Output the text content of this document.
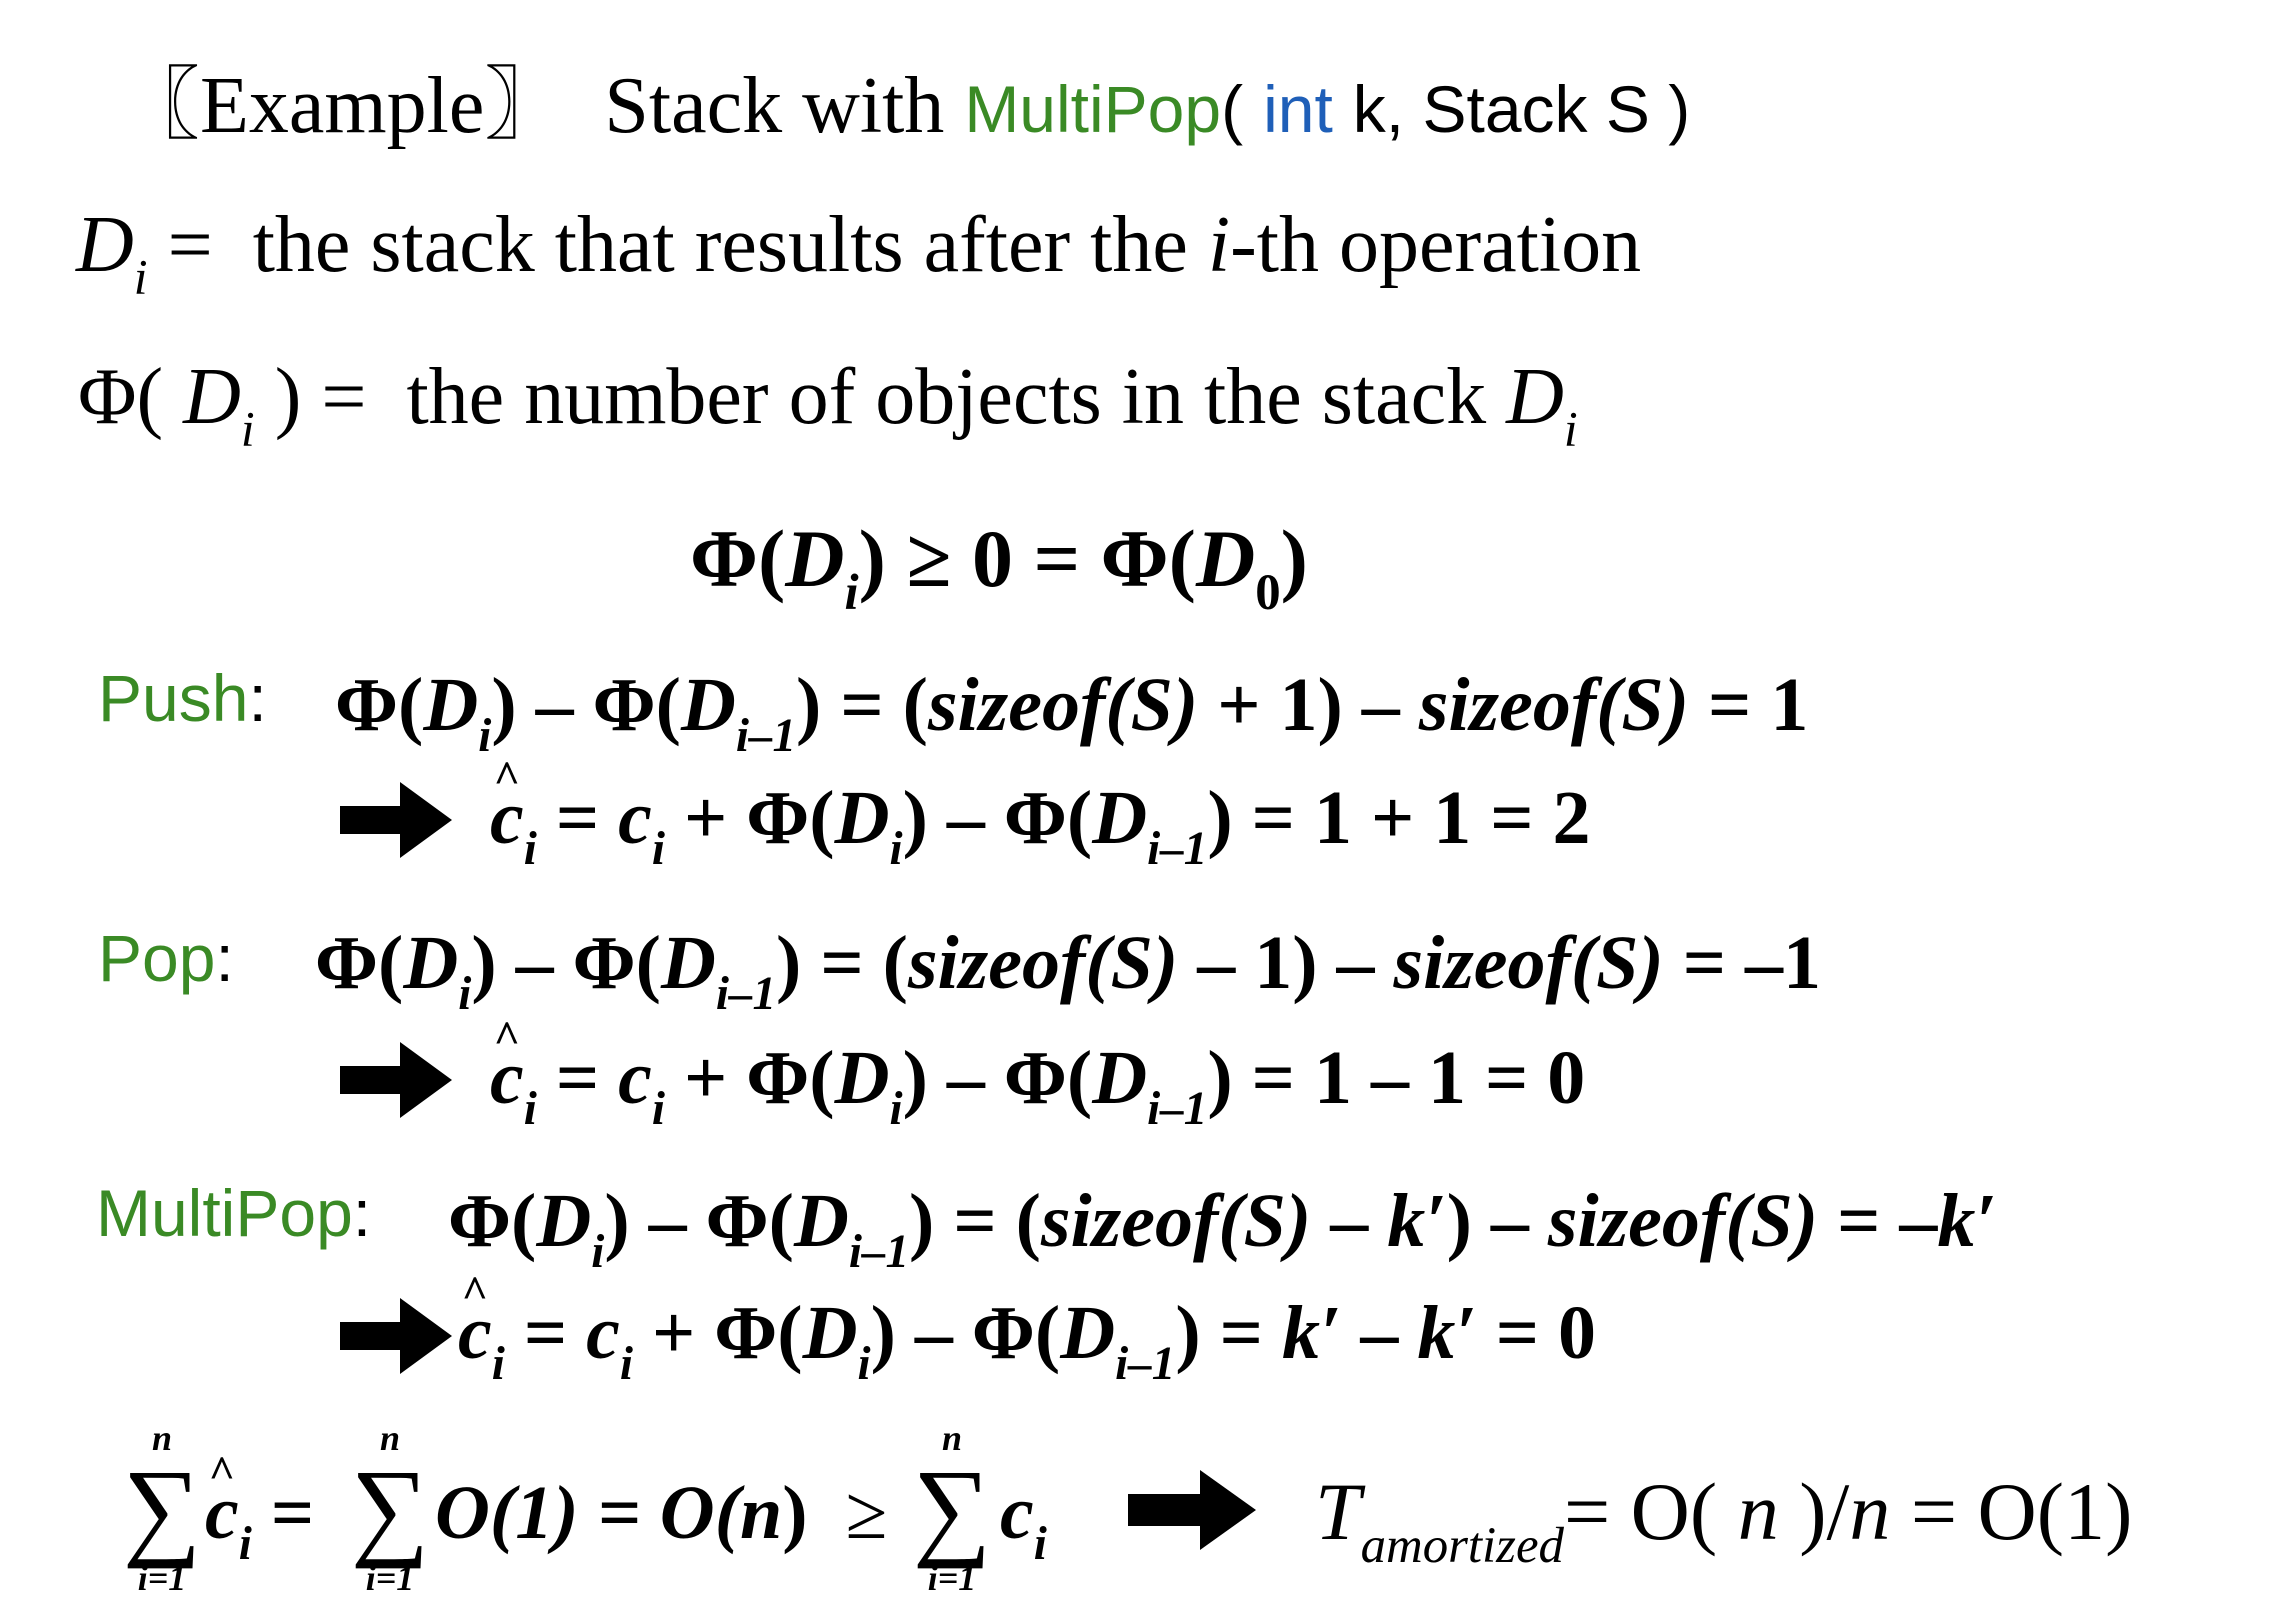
〖Example〗 Stack with MultiPop( int k, Stack S )
$D_i$ = the stack that results after the i-th operation
Φ( $D_i$ ) = the number of objects in the stack $D_i$
$\Phi(D_i) \ge 0 = \Phi(D_0)$
Push: $\Phi(D_i) - \Phi(D_{i-1})$ = (sizeof(S) + 1) – sizeof(S) = 1
^ $c_i = c_i + \Phi(D_i) - \Phi(D_{i-1}) = 1 + 1 = 2$
Pop: $\Phi(D_i) - \Phi(D_{i-1})$ = (sizeof(S) – 1) – sizeof(S) = –1
^ $c_i = c_i + \Phi(D_i) - \Phi(D_{i-1}) = 1 - 1 = 0$
MultiPop: $\Phi(D_i) - \Phi(D_{i-1})$ = (sizeof(S) – k′) – sizeof(S) = –k′
^ $c_i = c_i + \Phi(D_i) - \Phi(D_{i-1}) = k' - k' = 0$
n
∑
i=1
^ $c_i$ =
n
∑
i=1
O(1) = O(n) ≥
n
∑
i=1
$c_i$	$T_{amortized}= O$( n )/n = O(1)
